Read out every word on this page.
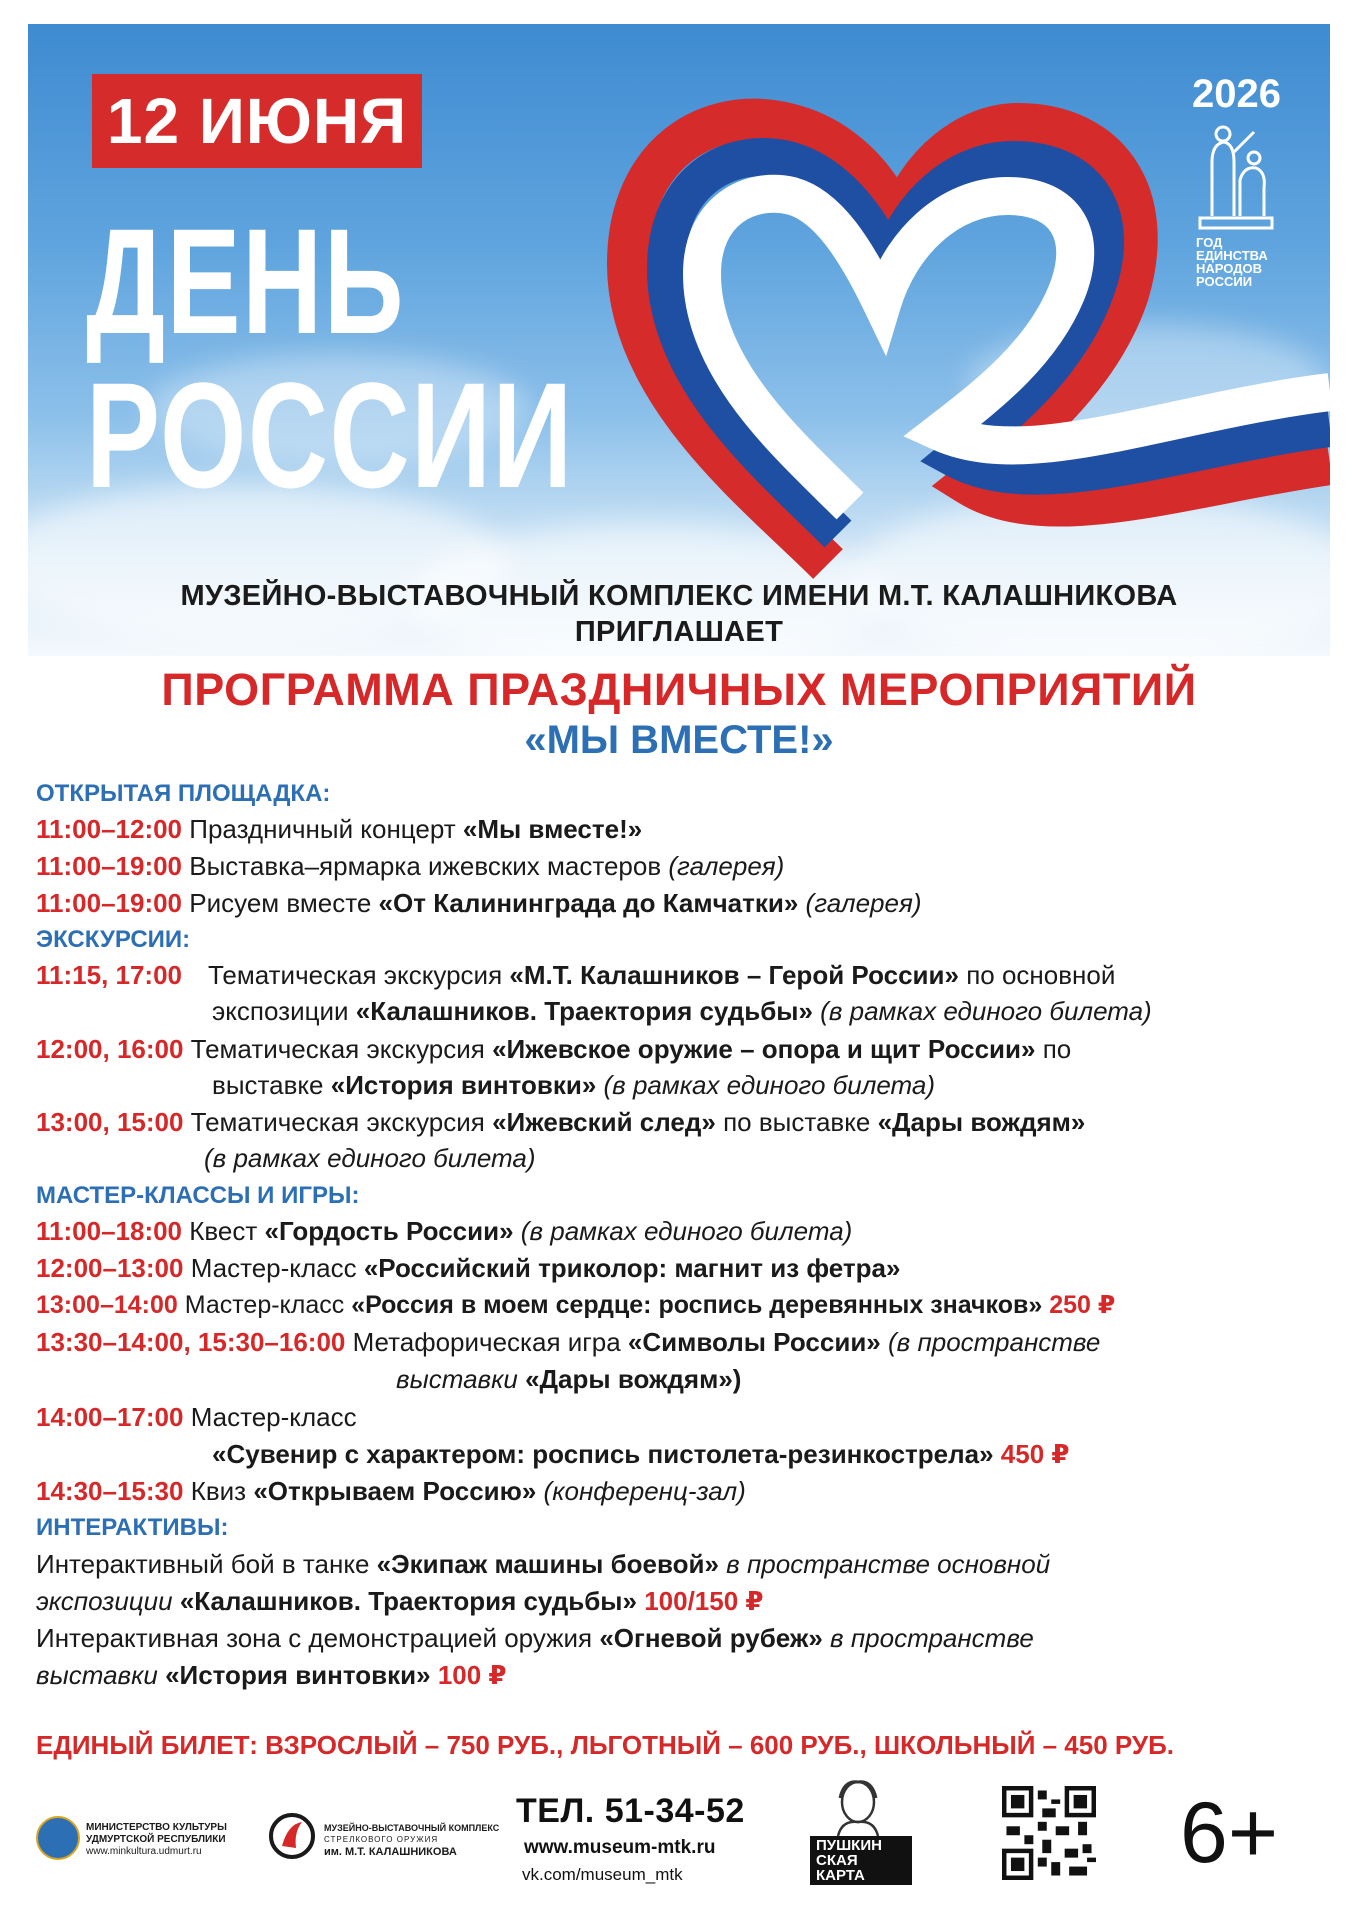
12 ИЮНЯ
ДЕНЬ
РОССИИ
2026
ГОД
ЕДИНСТВА
НАРОДОВ
РОССИИ
МУЗЕЙНО-ВЫСТАВОЧНЫЙ КОМПЛЕКС ИМЕНИ М.Т. КАЛАШНИКОВА
ПРИГЛАШАЕТ
ПРОГРАММА ПРАЗДНИЧНЫХ МЕРОПРИЯТИЙ
«МЫ ВМЕСТЕ!»
ОТКРЫТАЯ ПЛОЩАДКА:
11:00–12:00 Праздничный концерт «Мы вместе!»
11:00–19:00 Выставка–ярмарка ижевских мастеров (галерея)
11:00–19:00 Рисуем вместе «От Калининграда до Камчатки» (галерея)
ЭКСКУРСИИ:
11:15, 17:00 Тематическая экскурсия «М.Т. Калашников – Герой России» по основной
экспозиции «Калашников. Траектория судьбы» (в рамках единого билета)
12:00, 16:00 Тематическая экскурсия «Ижевское оружие – опора и щит России» по
выставке «История винтовки» (в рамках единого билета)
13:00, 15:00 Тематическая экскурсия «Ижевский след» по выставке «Дары вождям»
(в рамках единого билета)
МАСТЕР-КЛАССЫ И ИГРЫ:
11:00–18:00 Квест «Гордость России» (в рамках единого билета)
12:00–13:00 Мастер-класс «Российский триколор: магнит из фетра»
13:00–14:00 Мастер-класс «Россия в моем сердце: роспись деревянных значков» 250 ₽
13:30–14:00, 15:30–16:00 Метафорическая игра «Символы России» (в пространстве
выставки «Дары вождям»)
14:00–17:00 Мастер-класс
«Сувенир с характером: роспись пистолета-резинкострела» 450 ₽
14:30–15:30 Квиз «Открываем Россию» (конференц-зал)
ИНТЕРАКТИВЫ:
Интерактивный бой в танке «Экипаж машины боевой» в пространстве основной
экспозиции «Калашников. Траектория судьбы» 100/150 ₽
Интерактивная зона с демонстрацией оружия «Огневой рубеж» в пространстве
выставки «История винтовки» 100 ₽
ЕДИНЫЙ БИЛЕТ: ВЗРОСЛЫЙ – 750 РУБ., ЛЬГОТНЫЙ – 600 РУБ., ШКОЛЬНЫЙ – 450 РУБ.
МИНИСТЕРСТВО КУЛЬТУРЫ
УДМУРТСКОЙ РЕСПУБЛИКИ
www.minkultura.udmurt.ru
МУЗЕЙНО-ВЫСТАВОЧНЫЙ КОМПЛЕКС
СТРЕЛКОВОГО ОРУЖИЯ
им. М.Т. КАЛАШНИКОВА
ТЕЛ. 51-34-52
www.museum-mtk.ru
vk.com/museum_mtk
ПУШКИН
СКАЯ
КАРТА	6+
